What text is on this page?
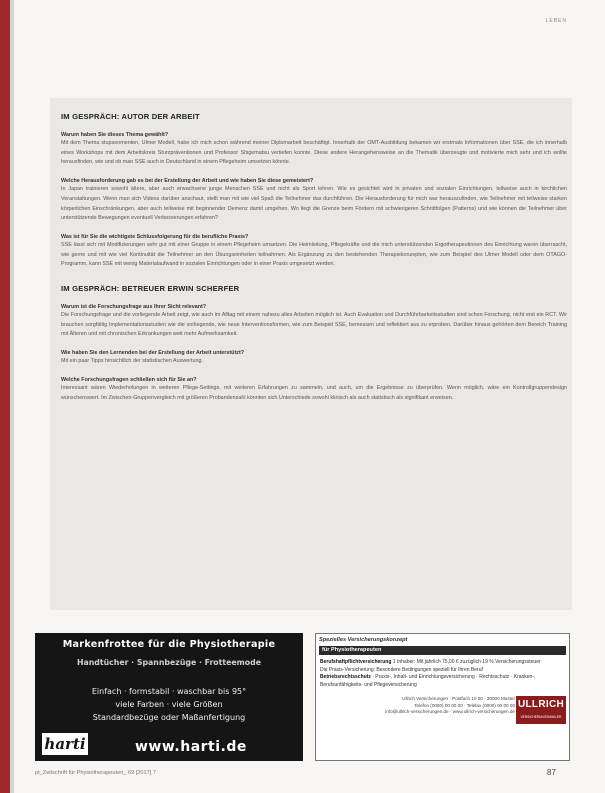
LEBEN
IM GESPRÄCH: AUTOR DER ARBEIT

Warum haben Sie dieses Thema gewählt?

Mit dem Thema stupsenmenten, Ulmer Modell, habe ich mich schon während meiner Diplomarbeit beschäftigt. Innerhalb der OMT-Ausbildung bekamen wir erstmals Informationen über SSE, die ich innerhalb eines Workshops mit dem Arbeitskreis Sturzpräventionen und Professor Shigematsu vertiefen konnte. Diese andere Herangehensweise an die Thematik überzeugte und motivierte mich sehr und ich wollte herausfinden, wie und ob man SSE auch in Deutschland in einem Pflegeheim umsetzen könnte.

Welche Herausforderung gab es bei der Erstellung der Arbeit und wie haben Sie diese gemeistert?

In Japan trainieren sowohl ältere, aber auch erwachsene junge Menschen SSE und nicht als Sport lehren. Wie es gesichtet wird in privaten und sozialen Einrichtungen, teilweise auch in kirchlichen Veranstaltungen. Wenn man sich Videos darüber anschaut, stellt man mit wie viel Spaß die Teilnehmer das durchführen. Die Herausforderung für mich war herauszufinden, wie Teilnehmer mit teilweise starken körperlichen Einschränkungen, aber auch teilweise mit beginnender Demenz damit umgehen. Wo liegt die Grenze beim Fördern mit schwierigeren Schrittfolgen (Patterns) und wie können die Teilnehmer über unterstützende Bewegungen eventuell Verbesserungen erfahren?

Was ist für Sie die wichtigste Schlussfolgerung für die berufliche Praxis?

SSE lässt sich mit Modifizierungen sehr gut mit einer Gruppe in einem Pflegeheim umsetzen. Die Heimleitung, Pflegekräfte und die mich unterstützenden Ergotherapeutinnen des Einrichtung waren überrascht, wie gerne und mit wie viel Kontinuität die Teilnehmer an den Übungseinheiten teilnahmen. Als Ergänzung zu den bestehenden Therapiekonzepten, wie zum Beispiel des Ulmer Modell oder dem OTAGO-Programm, kann SSE mit wenig Materialaufwand in sozialen Einrichtungen oder in einer Praxis umgesetzt werden.

IM GESPRÄCH: BETREUER ERWIN SCHERFER

Warum ist die Forschungsfrage aus Ihrer Sicht relevant?

Die Forschungsfrage und die vorliegende Arbeit zeigt, wie auch im Alltag mit einem nahezu alles Arbeiten möglich ist. Auch Evaluation und Durchführbarkeitsstudien sind schon Forschung, nicht erst ein RCT. Wir brauchen sorgfältig Implementationsstudien wie die vorliegende, wie neue Interventionsformen, wie zum Beispiel SSE, bemessen und reflektiert aus zu erproben. Darüber hinaus gehörten dem Bereich Training mit Älteren und mit chronischen Erkrankungen weit mehr Aufmerksamkeit.

Wie haben Sie den Lernenden bei der Erstellung der Arbeit unterstützt?

Mit ein paar Tipps hinsichtlich der statistischen Auswertung.

Welche Forschungsfragen schließen sich für Sie an?

Interessant wären Wiederholungen in weiteren Pflege-Settings, mit weiteren Erfahrungen zu sammeln, und auch, um die Ergebnisse zu überprüfen. Wenn möglich, wäre ein Kontrollgruppendesign wünschenswert. Im Zwischen-Gruppenvergleich mit größeren Probandenzahl könnten sich Unterschiede sowohl klinisch als auch statistisch als signifikant erweisen.

Markenfrottee für die Physiotherapie
Handtücher · Spannbezüge · Frotteemode
Einfach · formstabil · waschbar bis 95°
viele Farben · viele Größen
Standardbezüge oder Maßanfertigung
harti	www.harti.de
Spezielles Versicherungskonzept
für Physiotherapeuten
Berufshaftpflichtversicherung 1 Inhaber: Mit jährlich 75,00 € zuzüglich 19 % Versicherungssteuer
Die Praxis-Versicherung: Besondere Bedingungen speziell für Ihren Beruf
Betriebsrechtsschutz · Praxis-, Inhalt- und Einrichtungsversicherung · Rechtsschutz · Kranken-, Berufsunfähigkeits- und Pflegeversicherung
Ullrich Versicherungen · Postfach 10 00 · 30000 Muster
Telefon (0000) 00 00 00 · Telefax (0000) 00 00 00
info@ullrich-versicherungen.de · www.ullrich-versicherungen.de
ULLRICH
VERSICHERUNGSMAKLER
pt_Zeitschrift für Physiotherapeuten_ 69 [2017] 7	87
